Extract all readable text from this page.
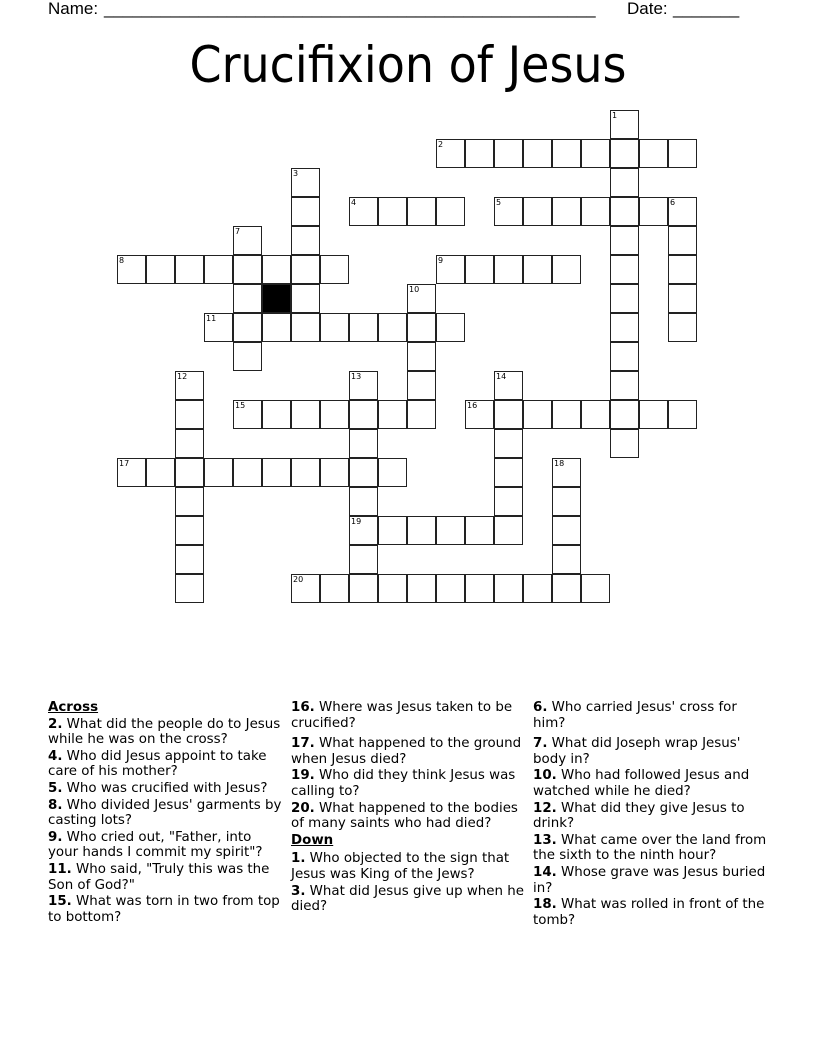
Name: ____________________________________________________ Date: _______
Crucifixion of Jesus
1
2
3
4	5	6
7
8	9
10
11
12	13
19
14
15	16
17	18
20
Across
2. What did the people do to Jesus while he was on the cross?
4. Who did Jesus appoint to take care of his mother?
5. Who was crucified with Jesus?
8. Who divided Jesus' garments by casting lots?
9. Who cried out, "Father, into your hands I commit my spirit"?
11. Who said, "Truly this was the Son of God?"
15. What was torn in two from top to bottom?
16. Where was Jesus taken to be crucified?
17. What happened to the ground when Jesus died?
19. Who did they think Jesus was calling to?
20. What happened to the bodies of many saints who had died?
Down
1. Who objected to the sign that Jesus was King of the Jews?
3. What did Jesus give up when he died?
6. Who carried Jesus' cross for him?
7. What did Joseph wrap Jesus' body in?
10. Who had followed Jesus and watched while he died?
12. What did they give Jesus to drink?
13. What came over the land from the sixth to the ninth hour?
14. Whose grave was Jesus buried in?
18. What was rolled in front of the tomb?
